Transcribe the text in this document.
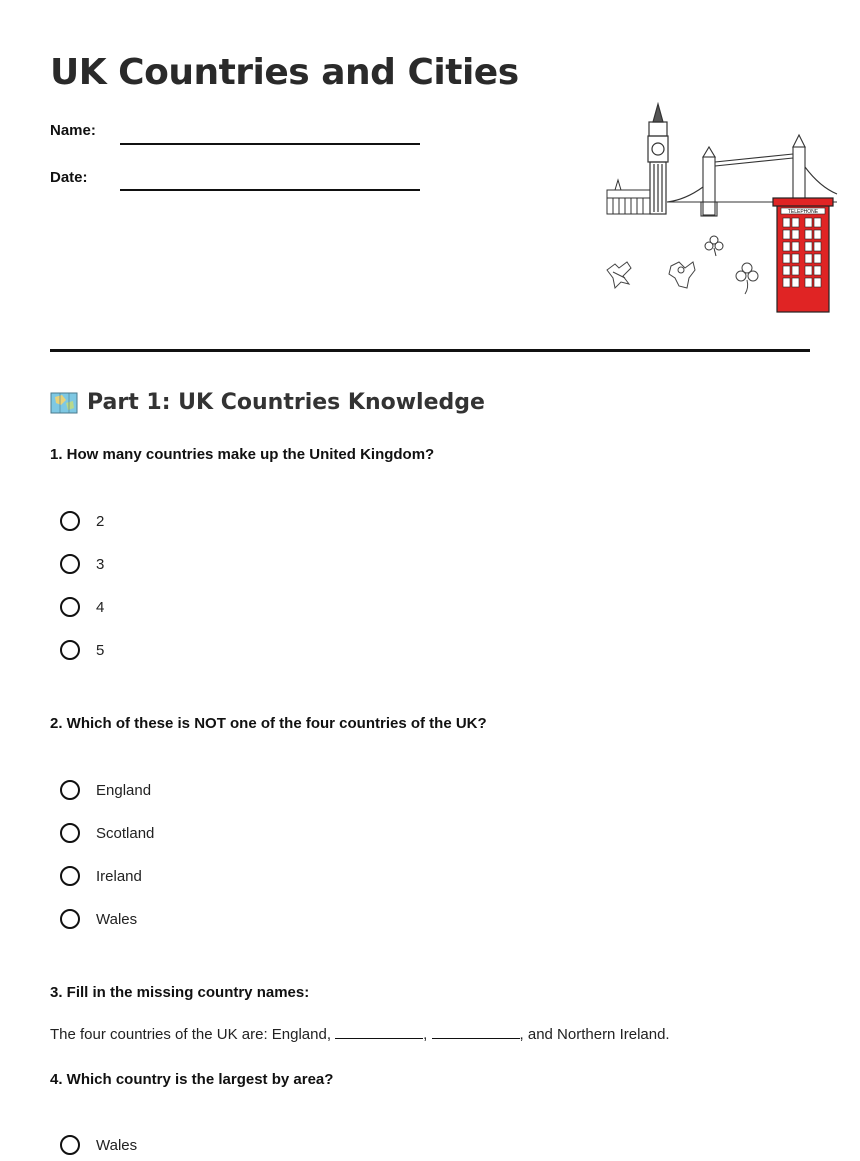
UK Countries and Cities
Name:
Date:
TELEPHONE
Part 1: UK Countries Knowledge
1. How many countries make up the United Kingdom?
2
3
4
5
2. Which of these is NOT one of the four countries of the UK?
England
Scotland
Ireland
Wales
3. Fill in the missing country names:
The four countries of the UK are: England,	,	, and Northern Ireland.
4. Which country is the largest by area?
Wales
